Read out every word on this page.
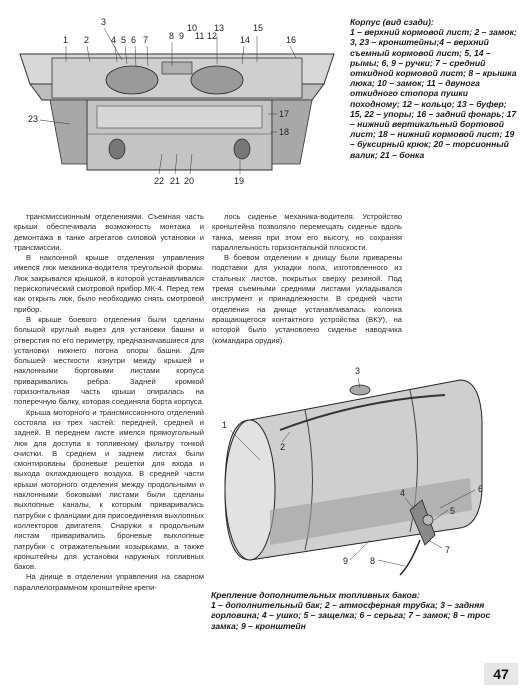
1 2
3
4 5 6 7 8 9
10
11 12
13
14
15
16
17
18
19
20
21
22
23
Корпус (вид сзади):
1 – верхний кормовой лист; 2 – замок; 3, 23 – кронштейны;4 – верхний съемный кормовой лист; 5, 14 – рымы; 6, 9 – ручки; 7 – средний откидной кормовой лист; 8 – крышка люка; 10 – замок; 11 – двунога откидного стопора пушки походному; 12 – кольцо; 13 – буфер; 15, 22 – упоры; 16 – задний фонарь; 17 – нижний вертикальный бортовой лист; 18 – нижний кормовой лист; 19 – буксирный крюк; 20 – торсионный валик; 21 – бонка

трансмиссионным отделениями. Съемная часть крыши обеспечивала возможность монтажа и демонтажа в танке агрегатов силовой установки и трансмиссии.

В наклонной крыше отделения управления имелся люк механика-водителя треугольной формы. Люк закрывался крышкой, в которой устанавливался перископический смотровой прибор МК-4. Перед тем как открыть люк, было необходимо снять смотровой прибор.

В крыше боевого отделения были сделаны большой круглый вырез для установки башни и отверстия по его периметру, предназначавшиеся для установки нижнего погона опоры башни. Для большей жесткости изнутри между крышей и наклонными бортовыми листами корпуса приваривались ребра. Задней кромкой горизонтальная часть крыши опиралась на поперечную балку, которая соединяла борта корпуса.

Крыша моторного и трансмиссионного отделений состояла из трех частей: передней, средней и задней. В переднем листе имелся прямоугольный люк для доступа к топливному фильтру тонкой очистки. В среднем и заднем листах были смонтированы броневые решетки для входа и выхода охлаждающего воздуха. В средней части крыши моторного отделения между продольными и наклонными боковыми листами были сделаны выхлопные каналы, к которым приваривались патрубки с фланцами для присоединения выхлопных коллекторов двигателя. Снаружи к продольным листам приваривались броневые выхлопные патрубки с отражательными козырьками, а также кронштейны для установки наружных топливных баков.

На днище в отделении управления на сварном параллелограммном кронштейне крепи-

лось сиденье механика-водителя. Устройство кронштейна позволяло перемещать сиденье вдоль танка, меняя при этом его высоту, но сохраняя параллельность горизонтальной плоскости.

В боевом отделении к днищу были приварены подставки для укладки пола, изготовленного из стальных листов, покрытых сверху резиной. Под тремя съемными средними листами укладывался инструмент и принадлежности. В средней части отделения на днище устанавливалась колонка вращающегося контактного устройства (ВКУ), на которой было установлено сиденье наводчика (командира орудия).

1
2
3
4
5
6
7
8
9
Крепление дополнительных топливных баков:
1 – дополнительный бак; 2 – атмосферная трубка; 3 – задняя горловина; 4 – ушко; 5 – защелка; 6 – серьга; 7 – замок; 8 – трос замка; 9 – кронштейн
47
